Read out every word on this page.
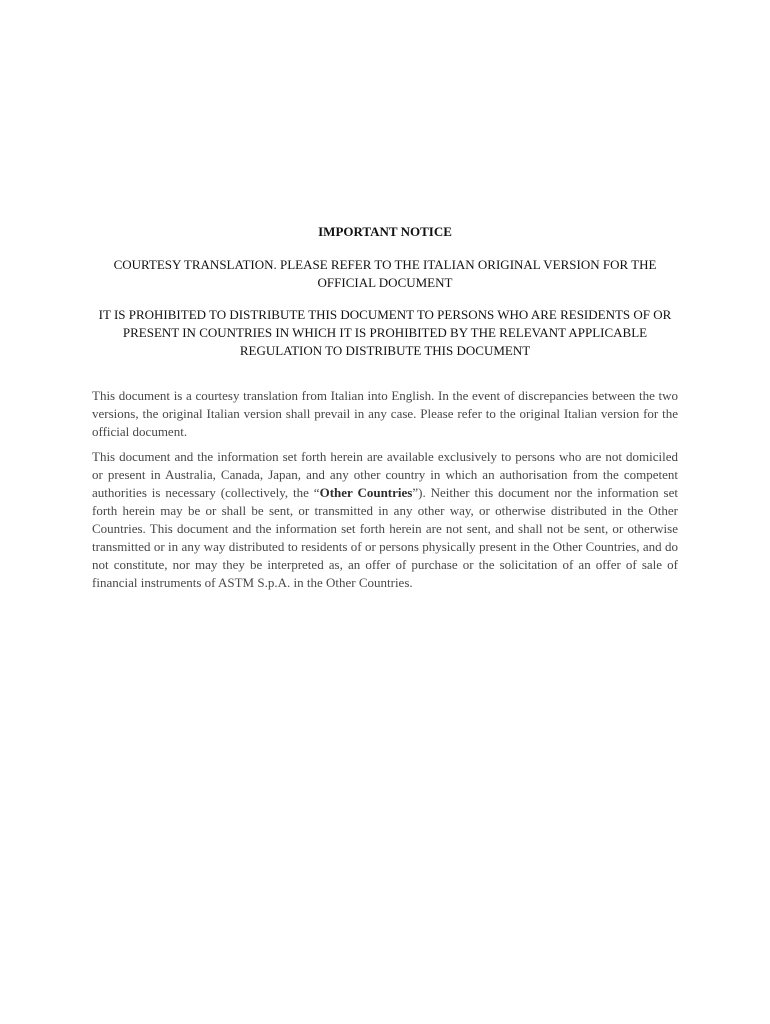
IMPORTANT NOTICE

COURTESY TRANSLATION. PLEASE REFER TO THE ITALIAN ORIGINAL VERSION FOR THE OFFICIAL DOCUMENT

IT IS PROHIBITED TO DISTRIBUTE THIS DOCUMENT TO PERSONS WHO ARE RESIDENTS OF OR PRESENT IN COUNTRIES IN WHICH IT IS PROHIBITED BY THE RELEVANT APPLICABLE REGULATION TO DISTRIBUTE THIS DOCUMENT

This document is a courtesy translation from Italian into English. In the event of discrepancies between the two versions, the original Italian version shall prevail in any case. Please refer to the original Italian version for the official document.

This document and the information set forth herein are available exclusively to persons who are not domiciled or present in Australia, Canada, Japan, and any other country in which an authorisation from the competent authorities is necessary (collectively, the “Other Countries”). Neither this document nor the information set forth herein may be or shall be sent, or transmitted in any other way, or otherwise distributed in the Other Countries. This document and the information set forth herein are not sent, and shall not be sent, or otherwise transmitted or in any way distributed to residents of or persons physically present in the Other Countries, and do not constitute, nor may they be interpreted as, an offer of purchase or the solicitation of an offer of sale of financial instruments of ASTM S.p.A. in the Other Countries.
